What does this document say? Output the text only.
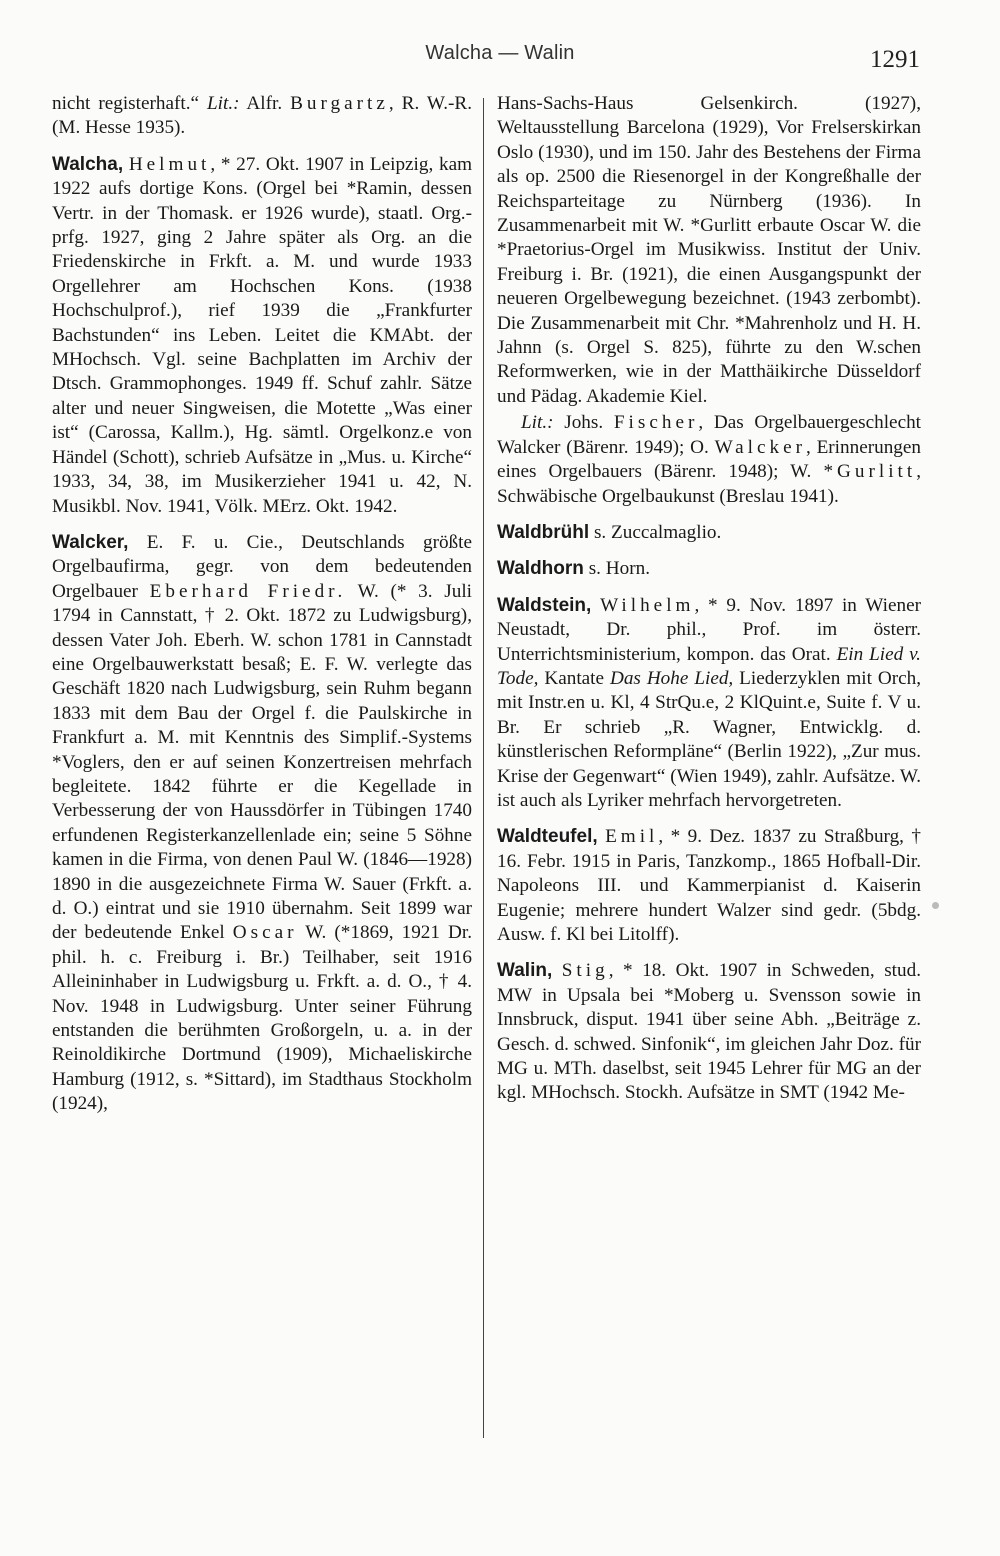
Walcha — Walin	1291

nicht registerhaft.“ Lit.: Alfr. Burgartz, R. W.-R. (M. Hesse 1935).

Walcha, Helmut, * 27. Okt. 1907 in Leipzig, kam 1922 aufs dortige Kons. (Orgel bei *Ramin, dessen Vertr. in der Thomask. er 1926 wurde), staatl. Org.-prfg. 1927, ging 2 Jahre später als Org. an die Friedenskirche in Frkft. a. M. und wurde 1933 Orgellehrer am Hochschen Kons. (1938 Hochschulprof.), rief 1939 die „Frankfurter Bachstunden“ ins Leben. Leitet die KMAbt. der MHochsch. Vgl. seine Bachplatten im Archiv der Dtsch. Grammophonges. 1949 ff. Schuf zahlr. Sätze alter und neuer Singweisen, die Motette „Was einer ist“ (Carossa, Kallm.), Hg. sämtl. Orgelkonz.e von Händel (Schott), schrieb Aufsätze in „Mus. u. Kirche“ 1933, 34, 38, im Musikerzieher 1941 u. 42, N. Musikbl. Nov. 1941, Völk. MErz. Okt. 1942.

Walcker, E. F. u. Cie., Deutschlands größte Orgelbaufirma, gegr. von dem bedeutenden Orgelbauer Eberhard Friedr. W. (* 3. Juli 1794 in Cannstatt, † 2. Okt. 1872 zu Ludwigsburg), dessen Vater Joh. Eberh. W. schon 1781 in Cannstadt eine Orgelbauwerkstatt besaß; E. F. W. verlegte das Geschäft 1820 nach Ludwigsburg, sein Ruhm begann 1833 mit dem Bau der Orgel f. die Paulskirche in Frankfurt a. M. mit Kenntnis des Simplif.-Systems *Voglers, den er auf seinen Konzertreisen mehrfach begleitete. 1842 führte er die Kegellade in Verbesserung der von Haussdörfer in Tübingen 1740 erfundenen Registerkanzellenlade ein; seine 5 Söhne kamen in die Firma, von denen Paul W. (1846—1928) 1890 in die ausgezeichnete Firma W. Sauer (Frkft. a. d. O.) eintrat und sie 1910 übernahm. Seit 1899 war der bedeutende Enkel Oscar W. (*1869, 1921 Dr. phil. h. c. Freiburg i. Br.) Teilhaber, seit 1916 Alleininhaber in Ludwigsburg u. Frkft. a. d. O., † 4. Nov. 1948 in Ludwigsburg. Unter seiner Führung entstanden die berühmten Großorgeln, u. a. in der Reinoldikirche Dortmund (1909), Michaeliskirche Hamburg (1912, s. *Sittard), im Stadthaus Stockholm (1924),

Hans-Sachs-Haus Gelsenkirch. (1927), Weltausstellung Barcelona (1929), Vor Frelserskirkan Oslo (1930), und im 150. Jahr des Bestehens der Firma als op. 2500 die Riesenorgel in der Kongreßhalle der Reichsparteitage zu Nürnberg (1936). In Zusammenarbeit mit W. *Gurlitt erbaute Oscar W. die *Praetorius-Orgel im Musikwiss. Institut der Univ. Freiburg i. Br. (1921), die einen Ausgangspunkt der neueren Orgelbewegung bezeichnet. (1943 zerbombt). Die Zusammenarbeit mit Chr. *Mahrenholz und H. H. Jahnn (s. Orgel S. 825), führte zu den W.schen Reformwerken, wie in der Matthäikirche Düsseldorf und Pädag. Akademie Kiel.

Lit.: Johs. Fischer, Das Orgelbauergeschlecht Walcker (Bärenr. 1949); O. Walcker, Erinnerungen eines Orgelbauers (Bärenr. 1948); W. *Gurlitt, Schwäbische Orgelbaukunst (Breslau 1941).

Waldbrühl s. Zuccalmaglio.

Waldhorn s. Horn.

Waldstein, Wilhelm, * 9. Nov. 1897 in Wiener Neustadt, Dr. phil., Prof. im österr. Unterrichtsministerium, kompon. das Orat. Ein Lied v. Tode, Kantate Das Hohe Lied, Liederzyklen mit Orch, mit Instr.en u. Kl, 4 StrQu.e, 2 KlQuint.e, Suite f. V u. Br. Er schrieb „R. Wagner, Entwicklg. d. künstlerischen Reformpläne“ (Berlin 1922), „Zur mus. Krise der Gegenwart“ (Wien 1949), zahlr. Aufsätze. W. ist auch als Lyriker mehrfach hervorgetreten.

Waldteufel, Emil, * 9. Dez. 1837 zu Straßburg, † 16. Febr. 1915 in Paris, Tanzkomp., 1865 Hofball-Dir. Napoleons III. und Kammerpianist d. Kaiserin Eugenie; mehrere hundert Walzer sind gedr. (5bdg. Ausw. f. Kl bei Litolff).

Walin, Stig, * 18. Okt. 1907 in Schweden, stud. MW in Upsala bei *Moberg u. Svensson sowie in Innsbruck, disput. 1941 über seine Abh. „Beiträge z. Gesch. d. schwed. Sinfonik“, im gleichen Jahr Doz. für MG u. MTh. daselbst, seit 1945 Lehrer für MG an der kgl. MHochsch. Stockh. Aufsätze in SMT (1942 Me-
